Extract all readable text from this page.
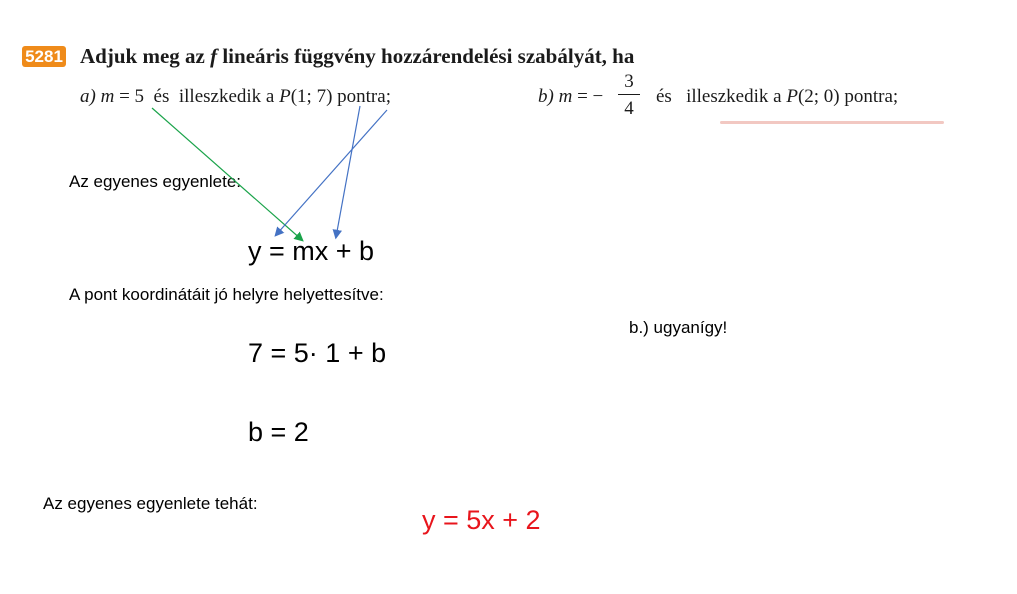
5281 Adjuk meg az f lineáris függvény hozzárendelési szabályát, ha
a) m = 5 és illeszkedik a P(1; 7) pontra;	b) m = −
3
4
és illeszkedik a P(2; 0) pontra;
Az egyenes egyenlete:
y = mx + b
A pont koordinátáit jó helyre helyettesítve:
b.) ugyanígy!
7 = 5· 1 + b
b = 2
Az egyenes egyenlete tehát:
y = 5x + 2
